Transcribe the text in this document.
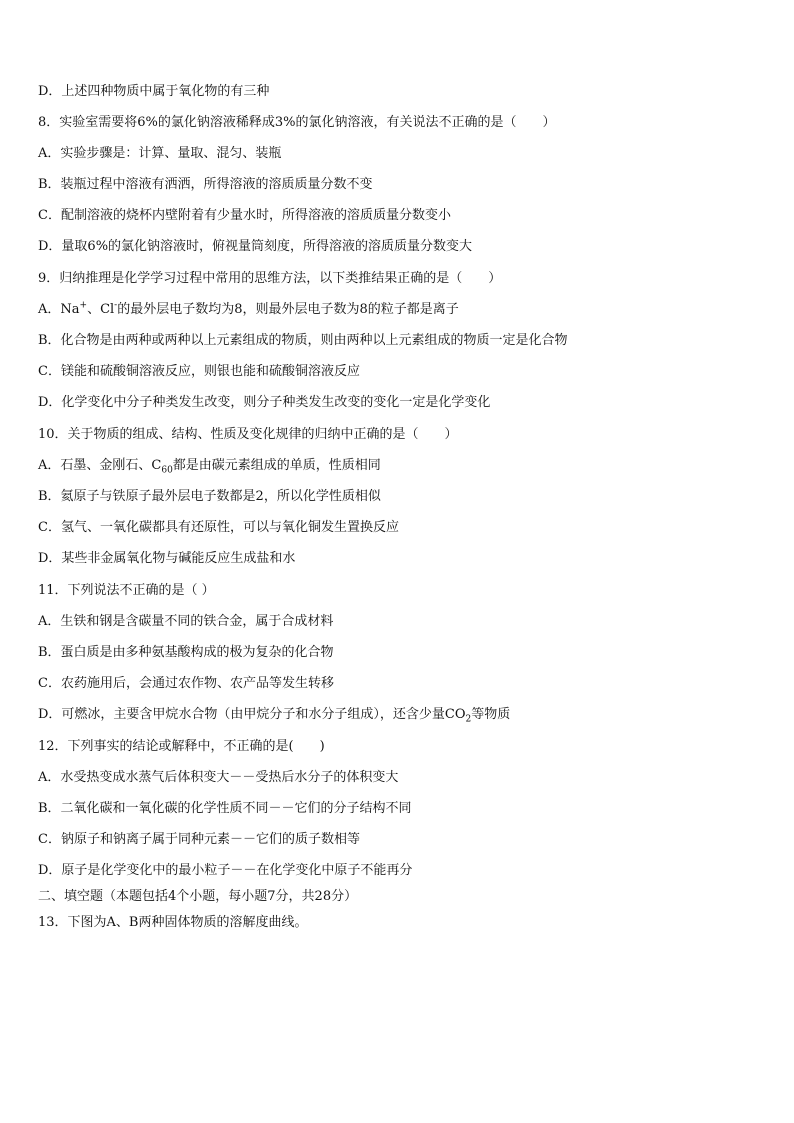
D．上述四种物质中属于氧化物的有三种
8．实验室需要将6%的氯化钠溶液稀释成3%的氯化钠溶液，有关说法不正确的是（　　）
A．实验步骤是：计算、量取、混匀、装瓶
B．装瓶过程中溶液有洒洒，所得溶液的溶质质量分数不变
C．配制溶液的烧杯内壁附着有少量水时，所得溶液的溶质质量分数变小
D．量取6%的氯化钠溶液时，俯视量筒刻度，所得溶液的溶质质量分数变大
9．归纳推理是化学学习过程中常用的思维方法，以下类推结果正确的是（　　）
A．Na+、Cl-的最外层电子数均为8，则最外层电子数为8的粒子都是离子
B．化合物是由两种或两种以上元素组成的物质，则由两种以上元素组成的物质一定是化合物
C．镁能和硫酸铜溶液反应，则银也能和硫酸铜溶液反应
D．化学变化中分子种类发生改变，则分子种类发生改变的变化一定是化学变化
10．关于物质的组成、结构、性质及变化规律的归纳中正确的是（　　）
A．石墨、金刚石、$C_{60}$都是由碳元素组成的单质，性质相同
B．氦原子与铁原子最外层电子数都是2，所以化学性质相似
C．氢气、一氧化碳都具有还原性，可以与氧化铜发生置换反应
D．某些非金属氧化物与碱能反应生成盐和水
11．下列说法不正确的是（ ）
A．生铁和钢是含碳量不同的铁合金，属于合成材料
B．蛋白质是由多种氨基酸构成的极为复杂的化合物
C．农药施用后，会通过农作物、农产品等发生转移
D．可燃冰，主要含甲烷水合物（由甲烷分子和水分子组成），还含少量$CO_2$等物质
12．下列事实的结论或解释中，不正确的是(　　)
A．水受热变成水蒸气后体积变大－－受热后水分子的体积变大
B．二氧化碳和一氧化碳的化学性质不同－－它们的分子结构不同
C．钠原子和钠离子属于同种元素－－它们的质子数相等
D．原子是化学变化中的最小粒子－－在化学变化中原子不能再分
二、填空题（本题包括4个小题，每小题7分，共28分）
13．下图为A、B两种固体物质的溶解度曲线。
